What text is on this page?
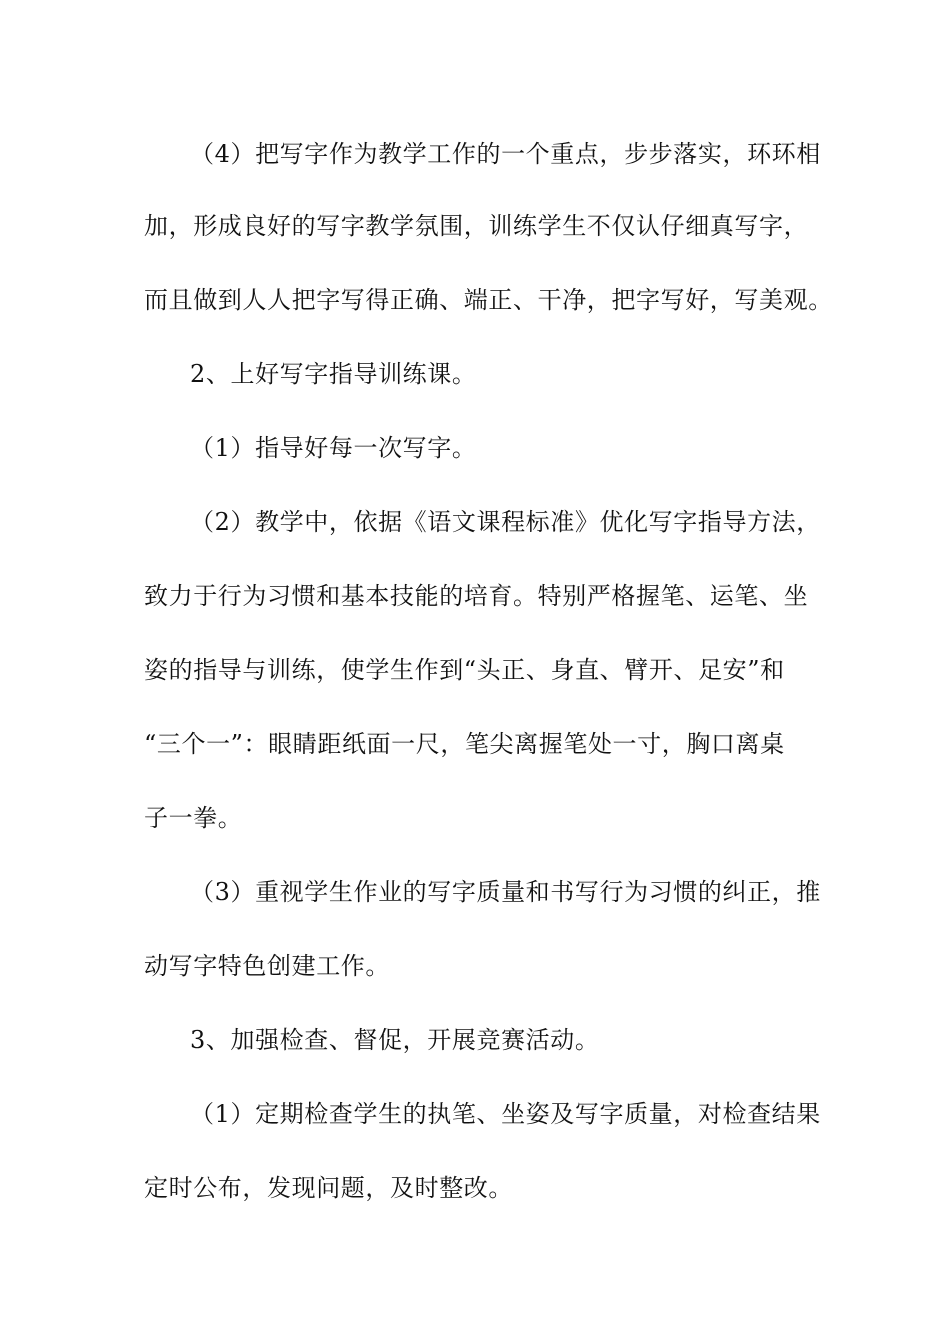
（4）把写字作为教学工作的一个重点，步步落实，环环相
加，形成良好的写字教学氛围，训练学生不仅认仔细真写字，
而且做到人人把字写得正确、端正、干净，把字写好，写美观。
2、上好写字指导训练课。
（1）指导好每一次写字。
（2）教学中，依据《语文课程标准》优化写字指导方法，
致力于行为习惯和基本技能的培育。特别严格握笔、运笔、坐
姿的指导与训练，使学生作到“头正、身直、臂开、足安”和
“三个一”：眼睛距纸面一尺，笔尖离握笔处一寸，胸口离桌
子一拳。
（3）重视学生作业的写字质量和书写行为习惯的纠正，推
动写字特色创建工作。
3、加强检查、督促，开展竞赛活动。
（1）定期检查学生的执笔、坐姿及写字质量，对检查结果
定时公布，发现问题，及时整改。
